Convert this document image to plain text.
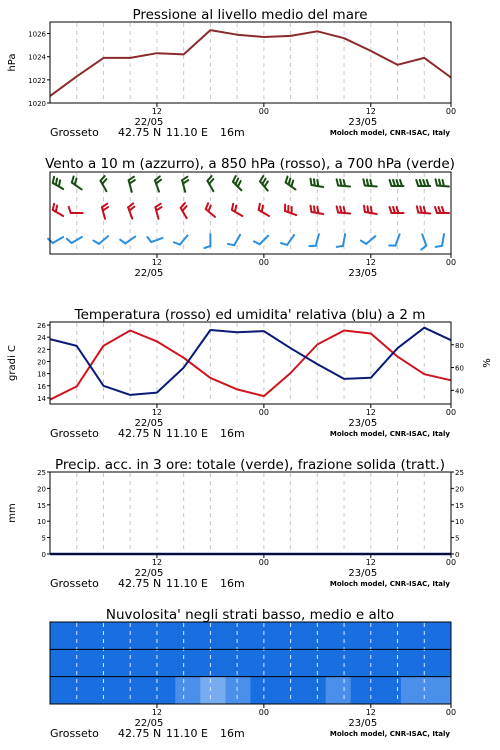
Pressione al livello medio del mare
1020
1022
1024
1026
hPa
12	00	12	00
22/05	23/05
Grosseto 42.75 N 11.10 E 16m	Moloch model, CNR-ISAC, Italy
Vento a 10 m (azzurro), a 850 hPa (rosso), a 700 hPa (verde)
12	00	12	00
22/05	23/05
Temperatura (rosso) ed umidita' relativa (blu) a 2 m
14
16
18
20
22
24
26
40
60
80
gradi C	%
12	00	12	00
22/05	23/05
Grosseto 42.75 N 11.10 E 16m	Moloch model, CNR-ISAC, Italy
Precip. acc. in 3 ore: totale (verde), frazione solida (tratt.)
0
5
10
15
20
25
0
5
10
15
20
25
mm
12	00	12	00
22/05	23/05
Grosseto 42.75 N 11.10 E 16m	Moloch model, CNR-ISAC, Italy
Nuvolosita' negli strati basso, medio e alto
12	00	12	00
22/05	23/05
Grosseto 42.75 N 11.10 E 16m	Moloch model, CNR-ISAC, Italy
